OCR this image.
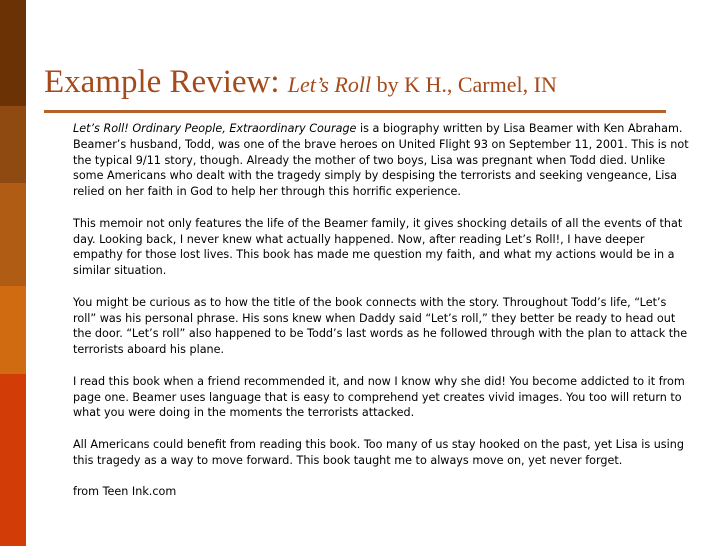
Example Review: Let’s Roll by K H., Carmel, IN

Let’s Roll! Ordinary People, Extraordinary Courage is a biography written by Lisa Beamer with Ken Abraham. Beamer’s husband, Todd, was one of the brave heroes on United Flight 93 on September 11, 2001. This is not the typical 9/11 story, though. Already the mother of two boys, Lisa was pregnant when Todd died. Unlike some Americans who dealt with the tragedy simply by despising the terrorists and seeking vengeance, Lisa relied on her faith in God to help her through this horrific experience.

This memoir not only features the life of the Beamer family, it gives shocking details of all the events of that day. Looking back, I never knew what actually happened. Now, after reading Let’s Roll!, I have deeper empathy for those lost lives. This book has made me question my faith, and what my actions would be in a similar situation.

You might be curious as to how the title of the book connects with the story. Throughout Todd’s life, “Let’s roll” was his personal phrase. His sons knew when Daddy said “Let’s roll,” they better be ready to head out the door. “Let’s roll” also happened to be Todd’s last words as he followed through with the plan to attack the terrorists aboard his plane.

I read this book when a friend recommended it, and now I know why she did! You become addicted to it from page one. Beamer uses language that is easy to comprehend yet creates vivid images. You too will return to what you were doing in the moments the terrorists attacked.

All Americans could benefit from reading this book. Too many of us stay hooked on the past, yet Lisa is using this tragedy as a way to move forward. This book taught me to always move on, yet never forget.

from Teen Ink.com
